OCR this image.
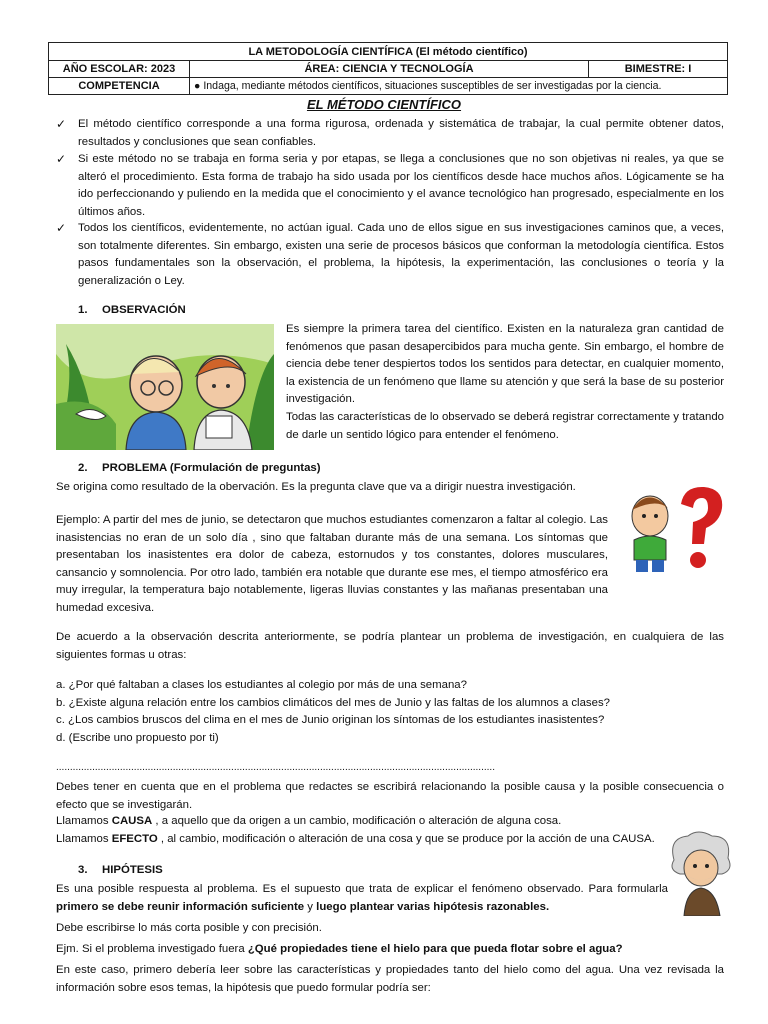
LA METODOLOGÍA CIENTÍFICA (El método científico)		
AÑO ESCOLAR: 2023	ÁREA: CIENCIA Y TECNOLOGÍA	BIMESTRE: I
COMPETENCIA	● Indaga, mediante métodos científicos, situaciones susceptibles de ser investigadas por la ciencia.	
EL MÉTODO CIENTÍFICO
✓ El método científico corresponde a una forma rigurosa, ordenada y sistemática de trabajar, la cual permite obtener datos, resultados y conclusiones que sean confiables.
✓ Si este método no se trabaja en forma seria y por etapas, se llega a conclusiones que no son objetivas ni reales, ya que se alteró el procedimiento. Esta forma de trabajo ha sido usada por los científicos desde hace muchos años. Lógicamente se ha ido perfeccionando y puliendo en la medida que el conocimiento y el avance tecnológico han progresado, especialmente en los últimos años.
✓ Todos los científicos, evidentemente, no actúan igual. Cada uno de ellos sigue en sus investigaciones caminos que, a veces, son totalmente diferentes. Sin embargo, existen una serie de procesos básicos que conforman la metodología científica. Estos pasos fundamentales son la observación, el problema, la hipótesis, la experimentación, las conclusiones o teoría y la generalización o Ley.
1. OBSERVACIÓN
Es siempre la primera tarea del científico. Existen en la naturaleza gran cantidad de fenómenos que pasan desapercibidos para mucha gente. Sin embargo, el hombre de ciencia debe tener despiertos todos los sentidos para detectar, en cualquier momento, la existencia de un fenómeno que llame su atención y que será la base de su posterior investigación.
Todas las características de lo observado se deberá registrar correctamente y tratando de darle un sentido lógico para entender el fenómeno.
2. PROBLEMA (Formulación de preguntas)
Se origina como resultado de la obervación. Es la pregunta clave que va a dirigir nuestra investigación.
Ejemplo: A partir del mes de junio, se detectaron que muchos estudiantes comenzaron a faltar al colegio. Las inasistencias no eran de un solo día , sino que faltaban durante más de una semana. Los síntomas que presentaban los inasistentes era dolor de cabeza, estornudos y tos constantes, dolores musculares, cansancio y somnolencia. Por otro lado, también era notable que durante ese mes, el tiempo atmosférico era muy irregular, la temperatura bajo notablemente, ligeras lluvias constantes y las mañanas presentaban una humedad excesiva.
De acuerdo a la observación descrita anteriormente, se podría plantear un problema de investigación, en cualquiera de las siguientes formas u otras:
a. ¿Por qué faltaban a clases los estudiantes al colegio por más de una semana?
b. ¿Existe alguna relación entre los cambios climáticos del mes de Junio y las faltas de los alumnos a clases?
c. ¿Los cambios bruscos del clima en el mes de Junio originan los síntomas de los estudiantes inasistentes?
d. (Escribe uno propuesto por ti)
..............................................................................................................................................................
Debes tener en cuenta que en el problema que redactes se escribirá relacionando la posible causa y la posible consecuencia o efecto que se investigarán.
Llamamos CAUSA , a aquello que da origen a un cambio, modificación o alteración de alguna cosa.
Llamamos EFECTO , al cambio, modificación o alteración de una cosa y que se produce por la acción de una CAUSA.
3. HIPÓTESIS
Es una posible respuesta al problema. Es el supuesto que trata de explicar el fenómeno observado. Para formularla primero se debe reunir información suficiente y luego plantear varias hipótesis razonables.
Debe escribirse lo más corta posible y con precisión.
Ejm. Si el problema investigado fuera ¿Qué propiedades tiene el hielo para que pueda flotar sobre el agua?
En este caso, primero debería leer sobre las características y propiedades tanto del hielo como del agua. Una vez revisada la información sobre esos temas, la hipótesis que puedo formular podría ser:
